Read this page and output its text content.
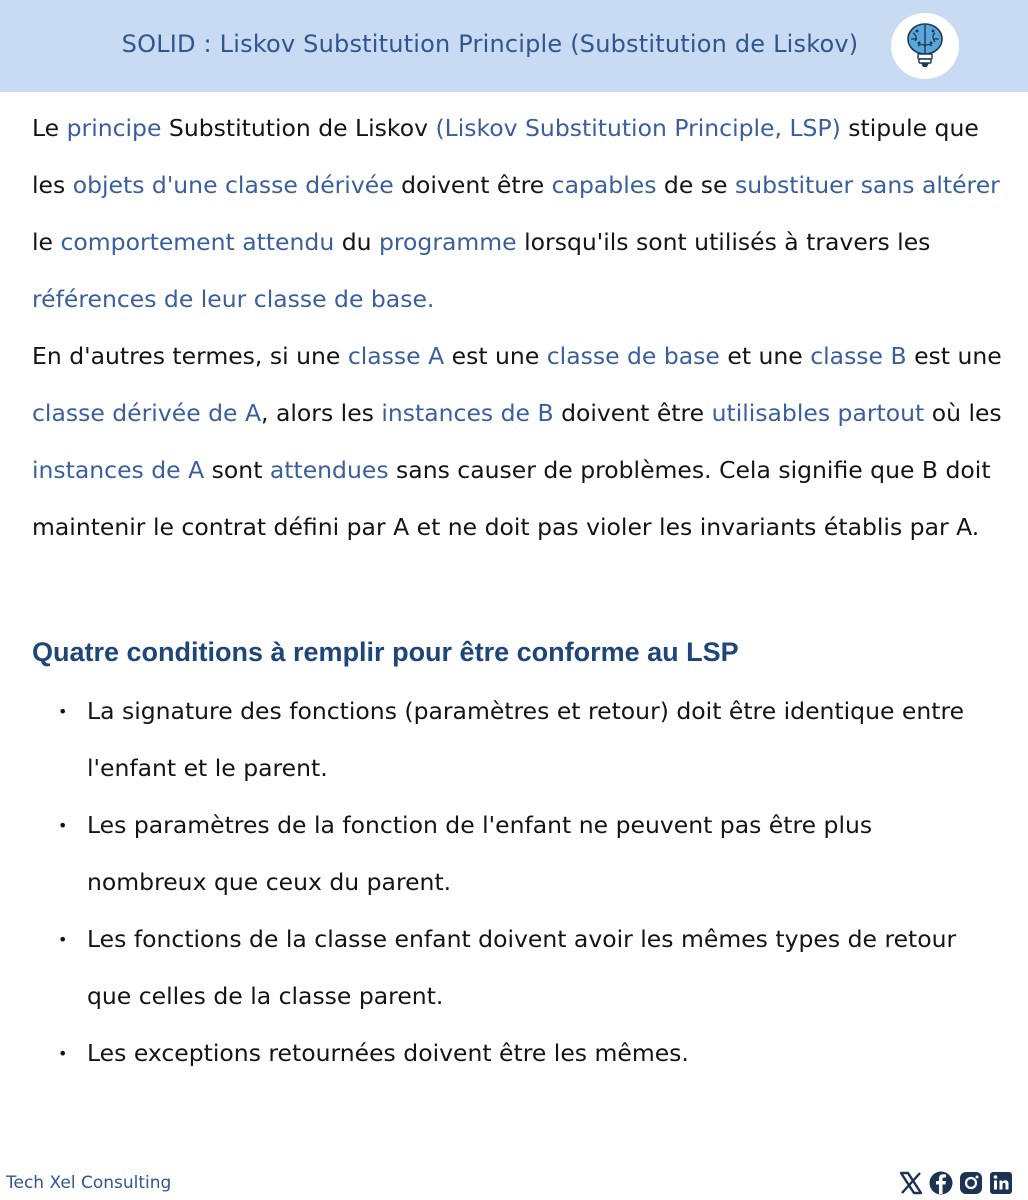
SOLID : Liskov Substitution Principle (Substitution de Liskov)

Le principe Substitution de Liskov (Liskov Substitution Principle, LSP) stipule que les objets d'une classe dérivée doivent être capables de se substituer sans altérer le comportement attendu du programme lorsqu'ils sont utilisés à travers les références de leur classe de base.

En d'autres termes, si une classe A est une classe de base et une classe B est une classe dérivée de A, alors les instances de B doivent être utilisables partout où les instances de A sont attendues sans causer de problèmes. Cela signifie que B doit maintenir le contrat défini par A et ne doit pas violer les invariants établis par A.

Quatre conditions à remplir pour être conforme au LSP
• La signature des fonctions (paramètres et retour) doit être identique entre l'enfant et le parent.
• Les paramètres de la fonction de l'enfant ne peuvent pas être plus nombreux que ceux du parent.
• Les fonctions de la classe enfant doivent avoir les mêmes types de retour que celles de la classe parent.
• Les exceptions retournées doivent être les mêmes.
Tech Xel Consulting
